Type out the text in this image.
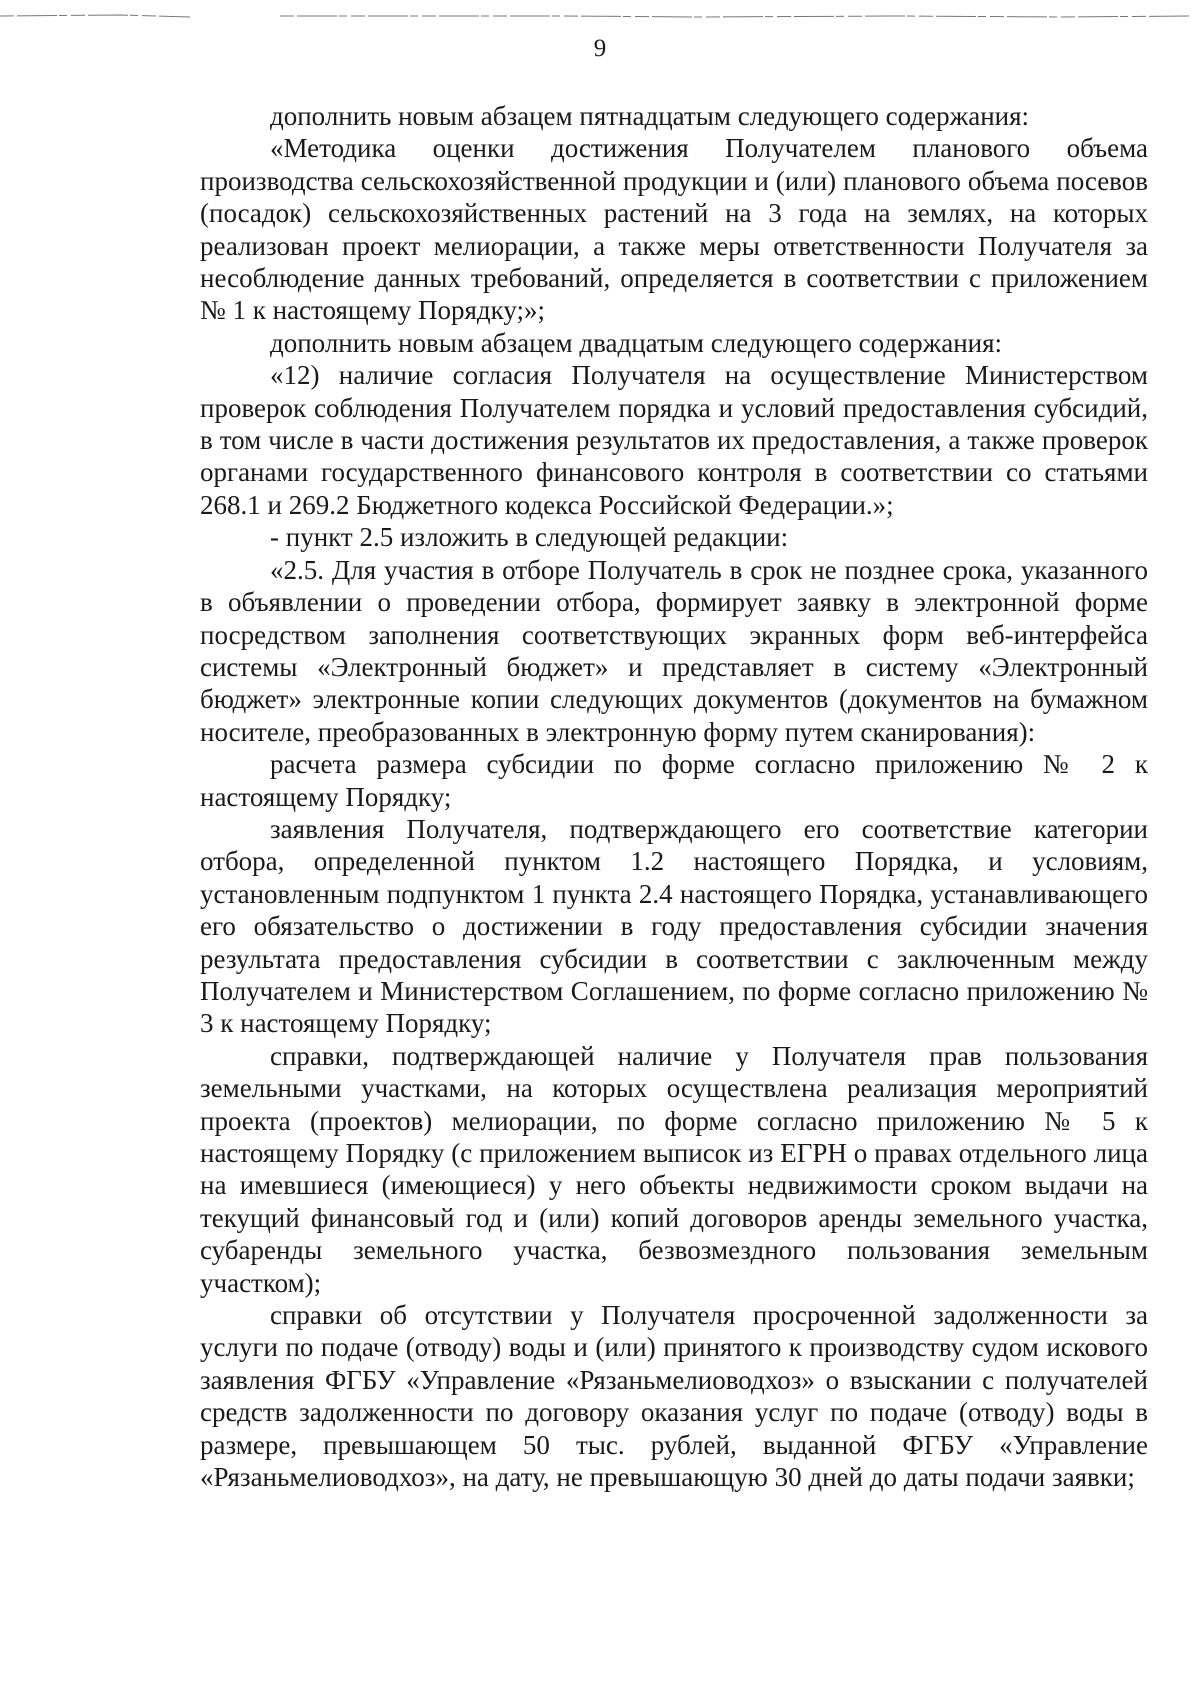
9

дополнить новым абзацем пятнадцатым следующего содержания:

«Методика оценки достижения Получателем планового объема производства сельскохозяйственной продукции и (или) планового объема посевов (посадок) сельскохозяйственных растений на 3 года на землях, на которых реализован проект мелиорации, а также меры ответственности Получателя за несоблюдение данных требований, определяется в соответствии с приложением № 1 к настоящему Порядку;»;

дополнить новым абзацем двадцатым следующего содержания:

«12) наличие согласия Получателя на осуществление Министерством проверок соблюдения Получателем порядка и условий предоставления субсидий, в том числе в части достижения результатов их предоставления, а также проверок органами государственного финансового контроля в соответствии со статьями 268.1 и 269.2 Бюджетного кодекса Российской Федерации.»;

- пункт 2.5 изложить в следующей редакции:

«2.5. Для участия в отборе Получатель в срок не позднее срока, указанного в объявлении о проведении отбора, формирует заявку в электронной форме посредством заполнения соответствующих экранных форм веб-интерфейса системы «Электронный бюджет» и представляет в систему «Электронный бюджет» электронные копии следующих документов (документов на бумажном носителе, преобразованных в электронную форму путем сканирования):

расчета размера субсидии по форме согласно приложению № 2 к настоящему Порядку;

заявления Получателя, подтверждающего его соответствие категории отбора, определенной пунктом 1.2 настоящего Порядка, и условиям, установленным подпунктом 1 пункта 2.4 настоящего Порядка, устанавливающего его обязательство о достижении в году предоставления субсидии значения результата предоставления субсидии в соответствии с заключенным между Получателем и Министерством Соглашением, по форме согласно приложению № 3 к настоящему Порядку;

справки, подтверждающей наличие у Получателя прав пользования земельными участками, на которых осуществлена реализация мероприятий проекта (проектов) мелиорации, по форме согласно приложению № 5 к настоящему Порядку (с приложением выписок из ЕГРН о правах отдельного лица на имевшиеся (имеющиеся) у него объекты недвижимости сроком выдачи на текущий финансовый год и (или) копий договоров аренды земельного участка, субаренды земельного участка, безвозмездного пользования земельным участком);

справки об отсутствии у Получателя просроченной задолженности за услуги по подаче (отводу) воды и (или) принятого к производству судом искового заявления ФГБУ «Управление «Рязаньмелиоводхоз» о взыскании с получателей средств задолженности по договору оказания услуг по подаче (отводу) воды в размере, превышающем 50 тыс. рублей, выданной ФГБУ «Управление «Рязаньмелиоводхоз», на дату, не превышающую 30 дней до даты подачи заявки;
